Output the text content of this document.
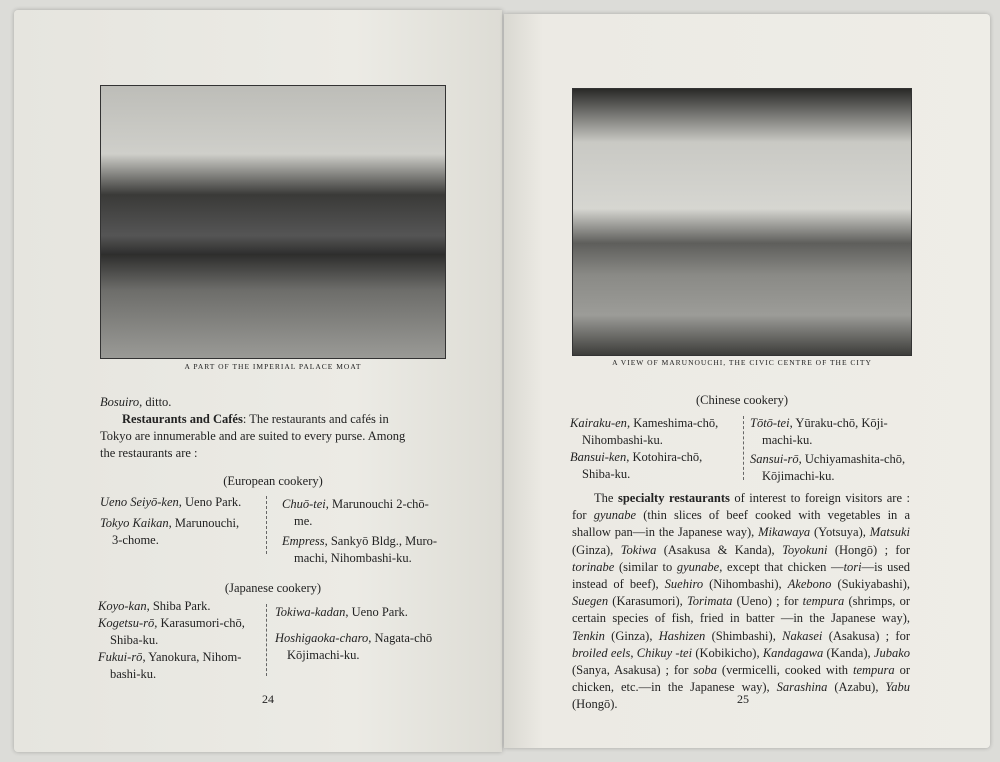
A PART OF THE IMPERIAL PALACE MOAT
Bosuiro, ditto.
Restaurants and Cafés: The restaurants and cafés in
Tokyo are innumerable and are suited to every purse. Among
the restaurants are :
(European cookery)
Ueno Seiyō-ken, Ueno Park.
Tokyo Kaikan, Marunouchi,
3-chome.
Chuō-tei, Marunouchi 2-chō-
me.
Empress, Sankyō Bldg., Muro-
machi, Nihombashi-ku.
(Japanese cookery)
Koyo-kan, Shiba Park.
Kogetsu-rō, Karasumori-chō,
Shiba-ku.
Fukui-rō, Yanokura, Nihom-
bashi-ku.
Tokiwa-kadan, Ueno Park.
Hoshigaoka-charo, Nagata-chō
Kōjimachi-ku.
24
A VIEW OF MARUNOUCHI, THE CIVIC CENTRE OF THE CITY
(Chinese cookery)
Kairaku-en, Kameshima-chō,
Nihombashi-ku.
Bansui-ken, Kotohira-chō,
Shiba-ku.
Tōtō-tei, Yūraku-chō, Kōji-
machi-ku.
Sansui-rō, Uchiyamashita-chō,
Kōjimachi-ku.
The specialty restaurants of interest to foreign visitors are : for gyunabe (thin slices of beef cooked with vegetables in a shallow pan—in the Japanese way), Mikawaya (Yotsuya), Matsuki (Ginza), Tokiwa (Asakusa & Kanda), Toyokuni (Hongō) ; for torinabe (similar to gyunabe, except that chicken —tori—is used instead of beef), Suehiro (Nihombashi), Akebono (Sukiyabashi), Suegen (Karasumori), Torimata (Ueno) ; for tempura (shrimps, or certain species of fish, fried in batter —in the Japanese way), Tenkin (Ginza), Hashizen (Shimbashi), Nakasei (Asakusa) ; for broiled eels, Chikuy -tei (Kobikicho), Kandagawa (Kanda), Jubako (Sanya, Asakusa) ; for soba (vermicelli, cooked with tempura or chicken, etc.—in the Japanese way), Sarashina (Azabu), Yabu (Hongō).	25
